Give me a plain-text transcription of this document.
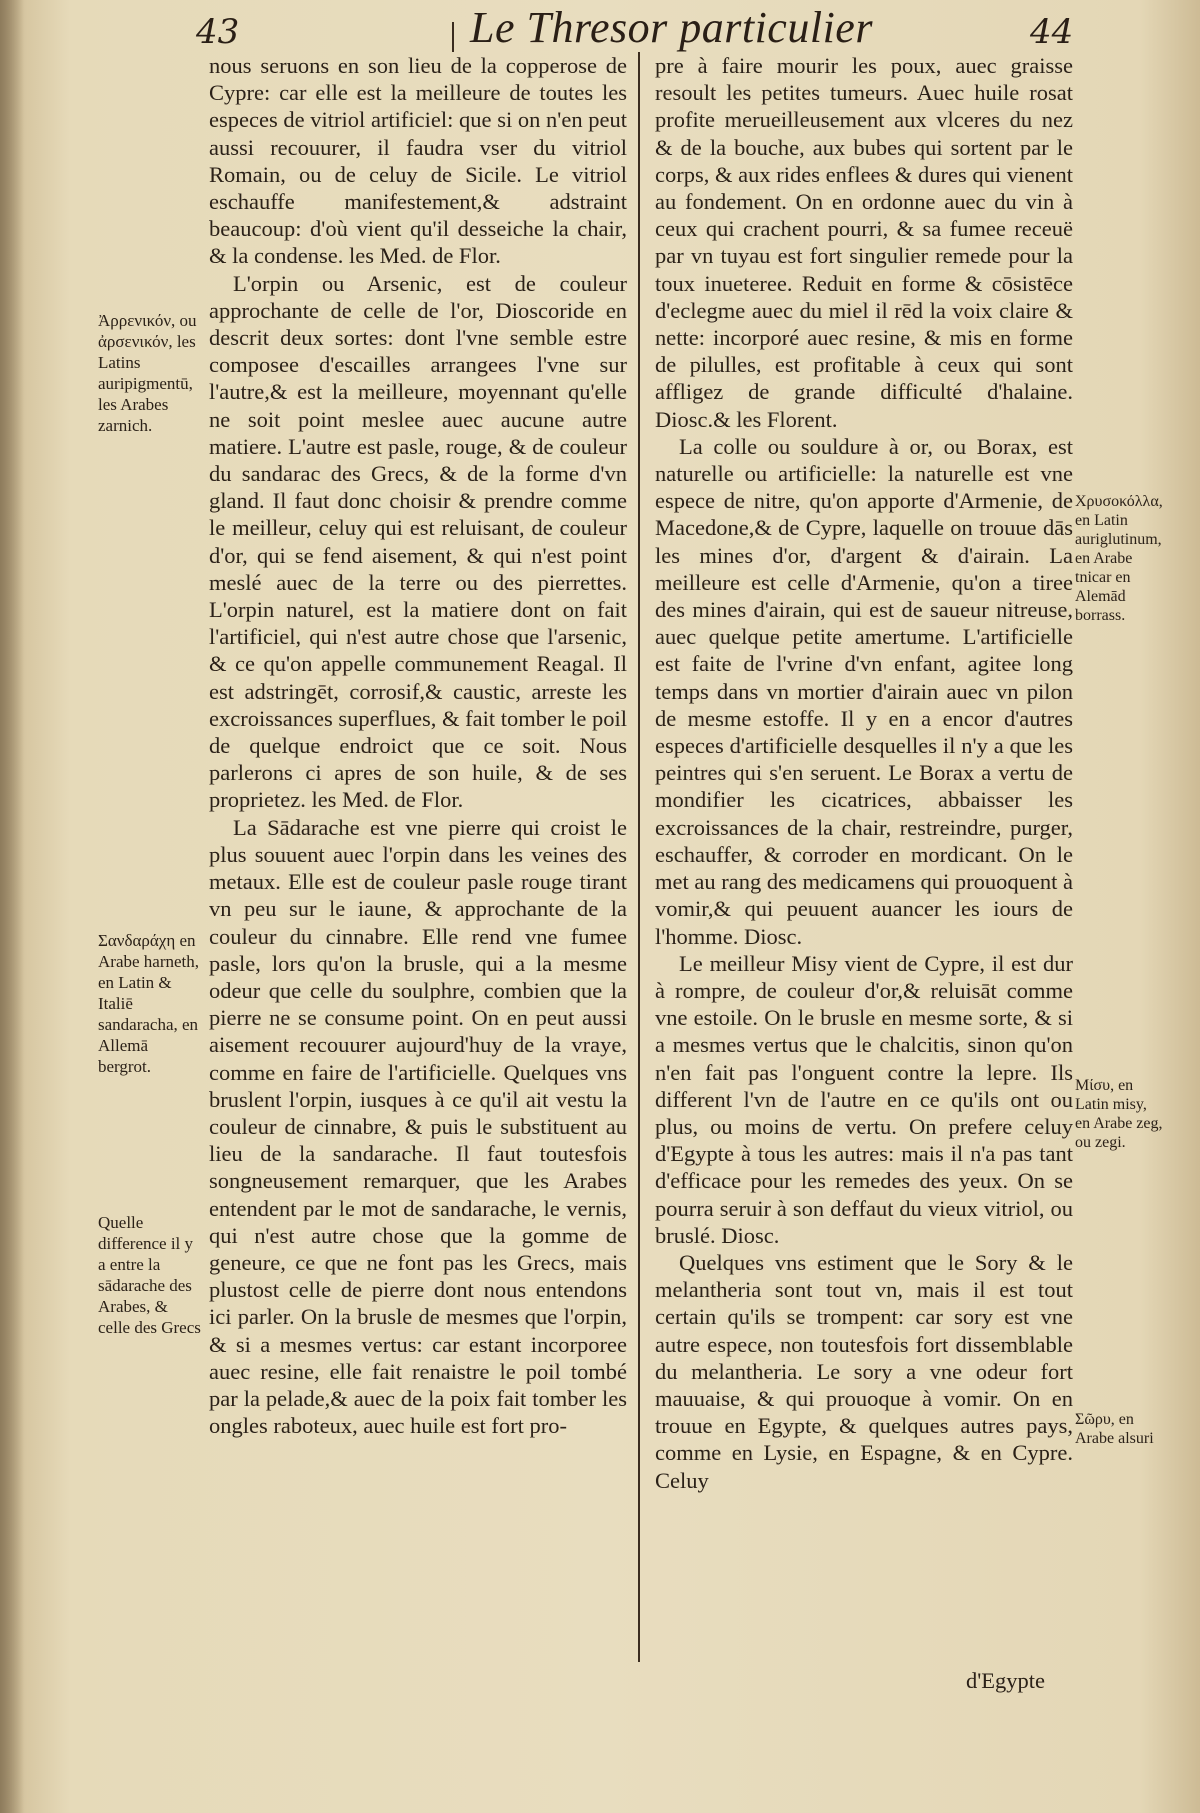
43	Le Thresor particulier	44
Ἀρρενικόν, ou ἀρσενικόν, les Latins auripigmentū, les Arabes zarnich.
Σανδαράχη en Arabe harneth, en Latin & Italiē sandaracha, en Allemā bergrot.
Quelle difference il y a entre la sādarache des Arabes, & celle des Grecs

nous seruons en son lieu de la copperose de Cypre: car elle est la meilleure de toutes les especes de vitriol artificiel: que si on n'en peut aussi recouurer, il faudra vser du vitriol Romain, ou de celuy de Sicile. Le vitriol eschauffe manifestement,& adstraint beaucoup: d'où vient qu'il desseiche la chair, & la condense. les Med. de Flor.

L'orpin ou Arsenic, est de couleur approchante de celle de l'or, Dioscoride en descrit deux sortes: dont l'vne semble estre composee d'escailles arrangees l'vne sur l'autre,& est la meilleure, moyennant qu'elle ne soit point meslee auec aucune autre matiere. L'autre est pasle, rouge, & de couleur du sandarac des Grecs, & de la forme d'vn gland. Il faut donc choisir & prendre comme le meilleur, celuy qui est reluisant, de couleur d'or, qui se fend aisement, & qui n'est point meslé auec de la terre ou des pierrettes. L'orpin naturel, est la matiere dont on fait l'artificiel, qui n'est autre chose que l'arsenic, & ce qu'on appelle communement Reagal. Il est adstringēt, corrosif,& caustic, arreste les excroissances superflues, & fait tomber le poil de quelque endroict que ce soit. Nous parlerons ci apres de son huile, & de ses proprietez. les Med. de Flor.

La Sādarache est vne pierre qui croist le plus souuent auec l'orpin dans les veines des metaux. Elle est de couleur pasle rouge tirant vn peu sur le iaune, & approchante de la couleur du cinnabre. Elle rend vne fumee pasle, lors qu'on la brusle, qui a la mesme odeur que celle du soulphre, combien que la pierre ne se consume point. On en peut aussi aisement recouurer aujourd'huy de la vraye, comme en faire de l'artificielle. Quelques vns bruslent l'orpin, iusques à ce qu'il ait vestu la couleur de cinnabre, & puis le substituent au lieu de la sandarache. Il faut toutesfois songneusement remarquer, que les Arabes entendent par le mot de sandarache, le vernis, qui n'est autre chose que la gomme de geneure, ce que ne font pas les Grecs, mais plustost celle de pierre dont nous entendons ici parler. On la brusle de mesmes que l'orpin, & si a mesmes vertus: car estant incorporee auec resine, elle fait renaistre le poil tombé par la pelade,& auec de la poix fait tomber les ongles raboteux, auec huile est fort pro-

pre à faire mourir les poux, auec graisse resoult les petites tumeurs. Auec huile rosat profite merueilleusement aux vlceres du nez & de la bouche, aux bubes qui sortent par le corps, & aux rides enflees & dures qui vienent au fondement. On en ordonne auec du vin à ceux qui crachent pourri, & sa fumee receuë par vn tuyau est fort singulier remede pour la toux inueteree. Reduit en forme & cōsistēce d'eclegme auec du miel il rēd la voix claire & nette: incorporé auec resine, & mis en forme de pilulles, est profitable à ceux qui sont affligez de grande difficulté d'halaine. Diosc.& les Florent.

La colle ou souldure à or, ou Borax, est naturelle ou artificielle: la naturelle est vne espece de nitre, qu'on apporte d'Armenie, de Macedone,& de Cypre, laquelle on trouue dās les mines d'or, d'argent & d'airain. La meilleure est celle d'Armenie, qu'on a tiree des mines d'airain, qui est de saueur nitreuse, auec quelque petite amertume. L'artificielle est faite de l'vrine d'vn enfant, agitee long temps dans vn mortier d'airain auec vn pilon de mesme estoffe. Il y en a encor d'autres especes d'artificielle desquelles il n'y a que les peintres qui s'en seruent. Le Borax a vertu de mondifier les cicatrices, abbaisser les excroissances de la chair, restreindre, purger, eschauffer, & corroder en mordicant. On le met au rang des medicamens qui prouoquent à vomir,& qui peuuent auancer les iours de l'homme. Diosc.

Le meilleur Misy vient de Cypre, il est dur à rompre, de couleur d'or,& reluisāt comme vne estoile. On le brusle en mesme sorte, & si a mesmes vertus que le chalcitis, sinon qu'on n'en fait pas l'onguent contre la lepre. Ils different l'vn de l'autre en ce qu'ils ont ou plus, ou moins de vertu. On prefere celuy d'Egypte à tous les autres: mais il n'a pas tant d'efficace pour les remedes des yeux. On se pourra seruir à son deffaut du vieux vitriol, ou bruslé. Diosc.

Quelques vns estiment que le Sory & le melantheria sont tout vn, mais il est tout certain qu'ils se trompent: car sory est vne autre espece, non toutesfois fort dissemblable du melantheria. Le sory a vne odeur fort mauuaise, & qui prouoque à vomir. On en trouue en Egypte, & quelques autres pays, comme en Lysie, en Espagne, & en Cypre. Celuy

Χρυσοκόλλα, en Latin auriglutinum, en Arabe tnicar en Alemād borrass.
Μίσυ, en Latin misy, en Arabe zeg, ou zegi.
Σῶρυ, en Arabe alsuri
d'Egypte
